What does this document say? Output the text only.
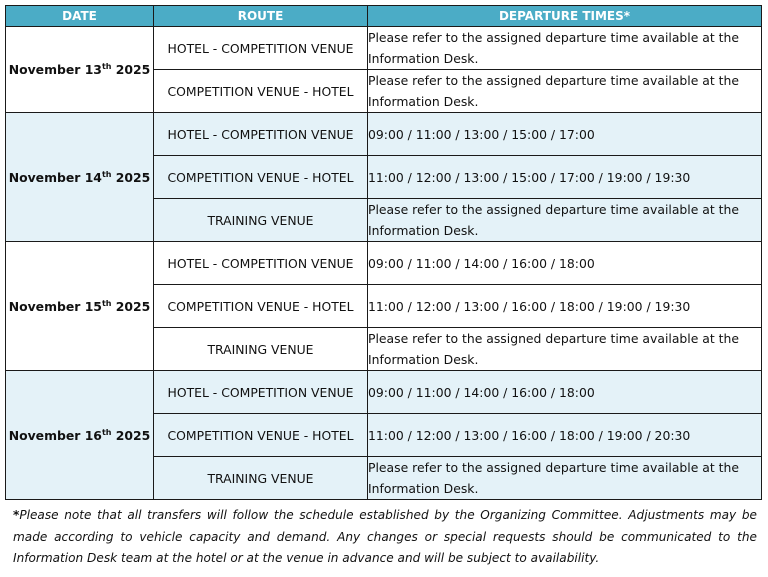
DATE	ROUTE	DEPARTURE TIMES*
November 13th 2025	HOTEL - COMPETITION VENUE	Please refer to the assigned departure time available at the Information Desk.
	COMPETITION VENUE - HOTEL	Please refer to the assigned departure time available at the Information Desk.
November 14th 2025	HOTEL - COMPETITION VENUE	09:00 / 11:00 / 13:00 / 15:00 / 17:00
	COMPETITION VENUE - HOTEL	11:00 / 12:00 / 13:00 / 15:00 / 17:00 / 19:00 / 19:30
	TRAINING VENUE	Please refer to the assigned departure time available at the Information Desk.
November 15th 2025	HOTEL - COMPETITION VENUE	09:00 / 11:00 / 14:00 / 16:00 / 18:00
	COMPETITION VENUE - HOTEL	11:00 / 12:00 / 13:00 / 16:00 / 18:00 / 19:00 / 19:30
	TRAINING VENUE	Please refer to the assigned departure time available at the Information Desk.
November 16th 2025	HOTEL - COMPETITION VENUE	09:00 / 11:00 / 14:00 / 16:00 / 18:00
	COMPETITION VENUE - HOTEL	11:00 / 12:00 / 13:00 / 16:00 / 18:00 / 19:00 / 20:30
	TRAINING VENUE	Please refer to the assigned departure time available at the Information Desk.
*Please note that all transfers will follow the schedule established by the Organizing Committee. Adjustments may be made according to vehicle capacity and demand. Any changes or special requests should be communicated to the Information Desk team at the hotel or at the venue in advance and will be subject to availability.
